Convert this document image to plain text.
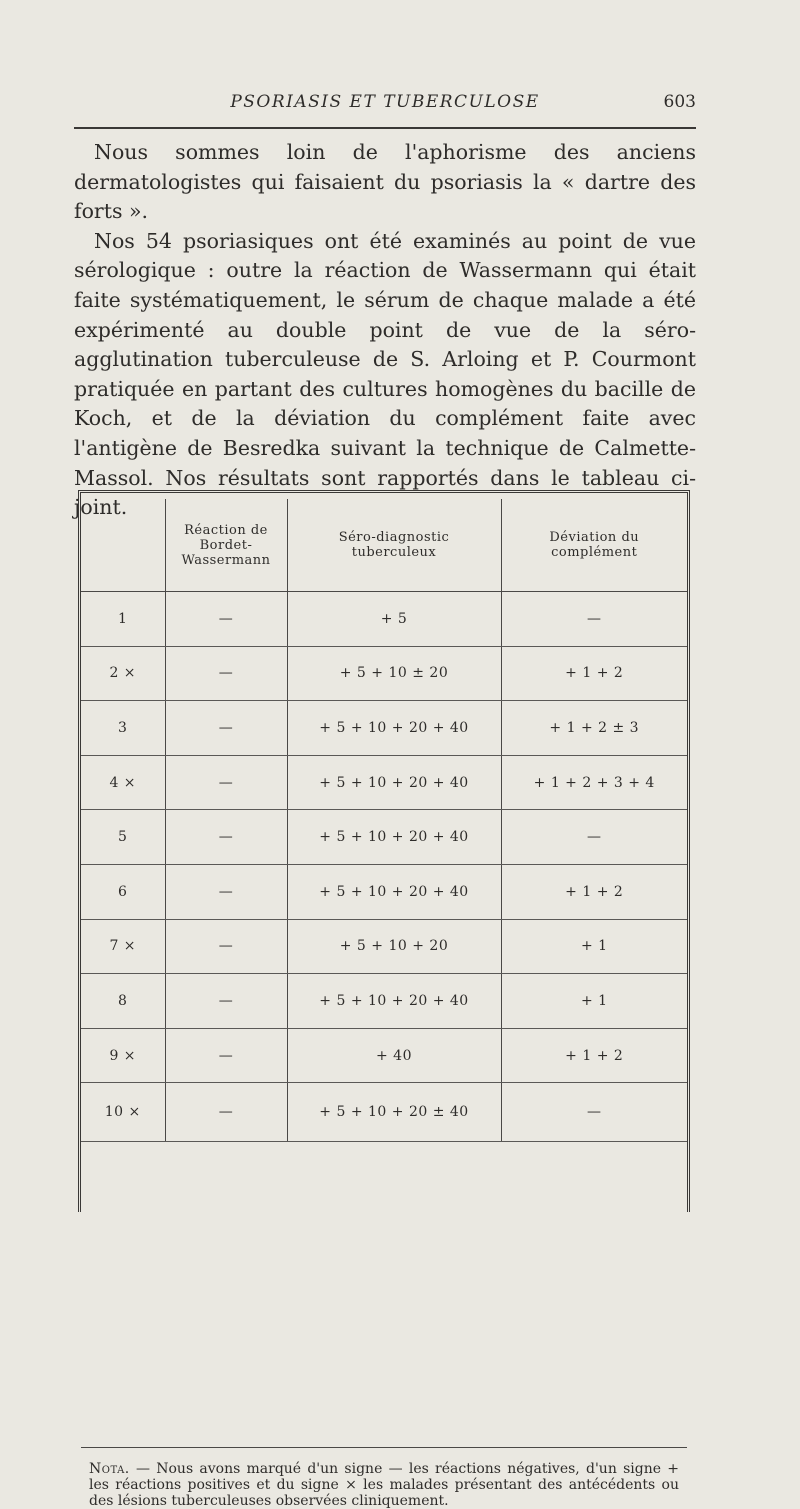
PSORIASIS ET TUBERCULOSE	603

Nous sommes loin de l'aphorisme des anciens dermatologistes qui faisaient du psoriasis la « dartre des forts ».

Nos 54 psoriasiques ont été examinés au point de vue sérologique : outre la réaction de Wassermann qui était faite systématiquement, le sérum de chaque malade a été expérimenté au double point de vue de la séro-agglutination tuberculeuse de S. Arloing et P. Courmont pratiquée en partant des cultures homogènes du bacille de Koch, et de la déviation du complément faite avec l'antigène de Besredka suivant la technique de Calmette-Massol. Nos résultats sont rapportés dans le tableau ci-joint.

	Réaction de Bordet-Wassermann	Séro-diagnostic tuberculeux	Déviation du complément
1	—	+ 5	—
2 ×	—	+ 5 + 10 ± 20	+ 1 + 2
3	—	+ 5 + 10 + 20 + 40	+ 1 + 2 ± 3
4 ×	—	+ 5 + 10 + 20 + 40	+ 1 + 2 + 3 + 4
5	—	+ 5 + 10 + 20 + 40	—
6	—	+ 5 + 10 + 20 + 40	+ 1 + 2
7 ×	—	+ 5 + 10 + 20	+ 1
8	—	+ 5 + 10 + 20 + 40	+ 1
9 ×	—	+ 40	+ 1 + 2
10 ×	—	+ 5 + 10 + 20 ± 40	—
Nota. — Nous avons marqué d'un signe — les réactions négatives, d'un signe + les réactions positives et du signe × les malades présentant des antécédents ou des lésions tuberculeuses observées cliniquement.
